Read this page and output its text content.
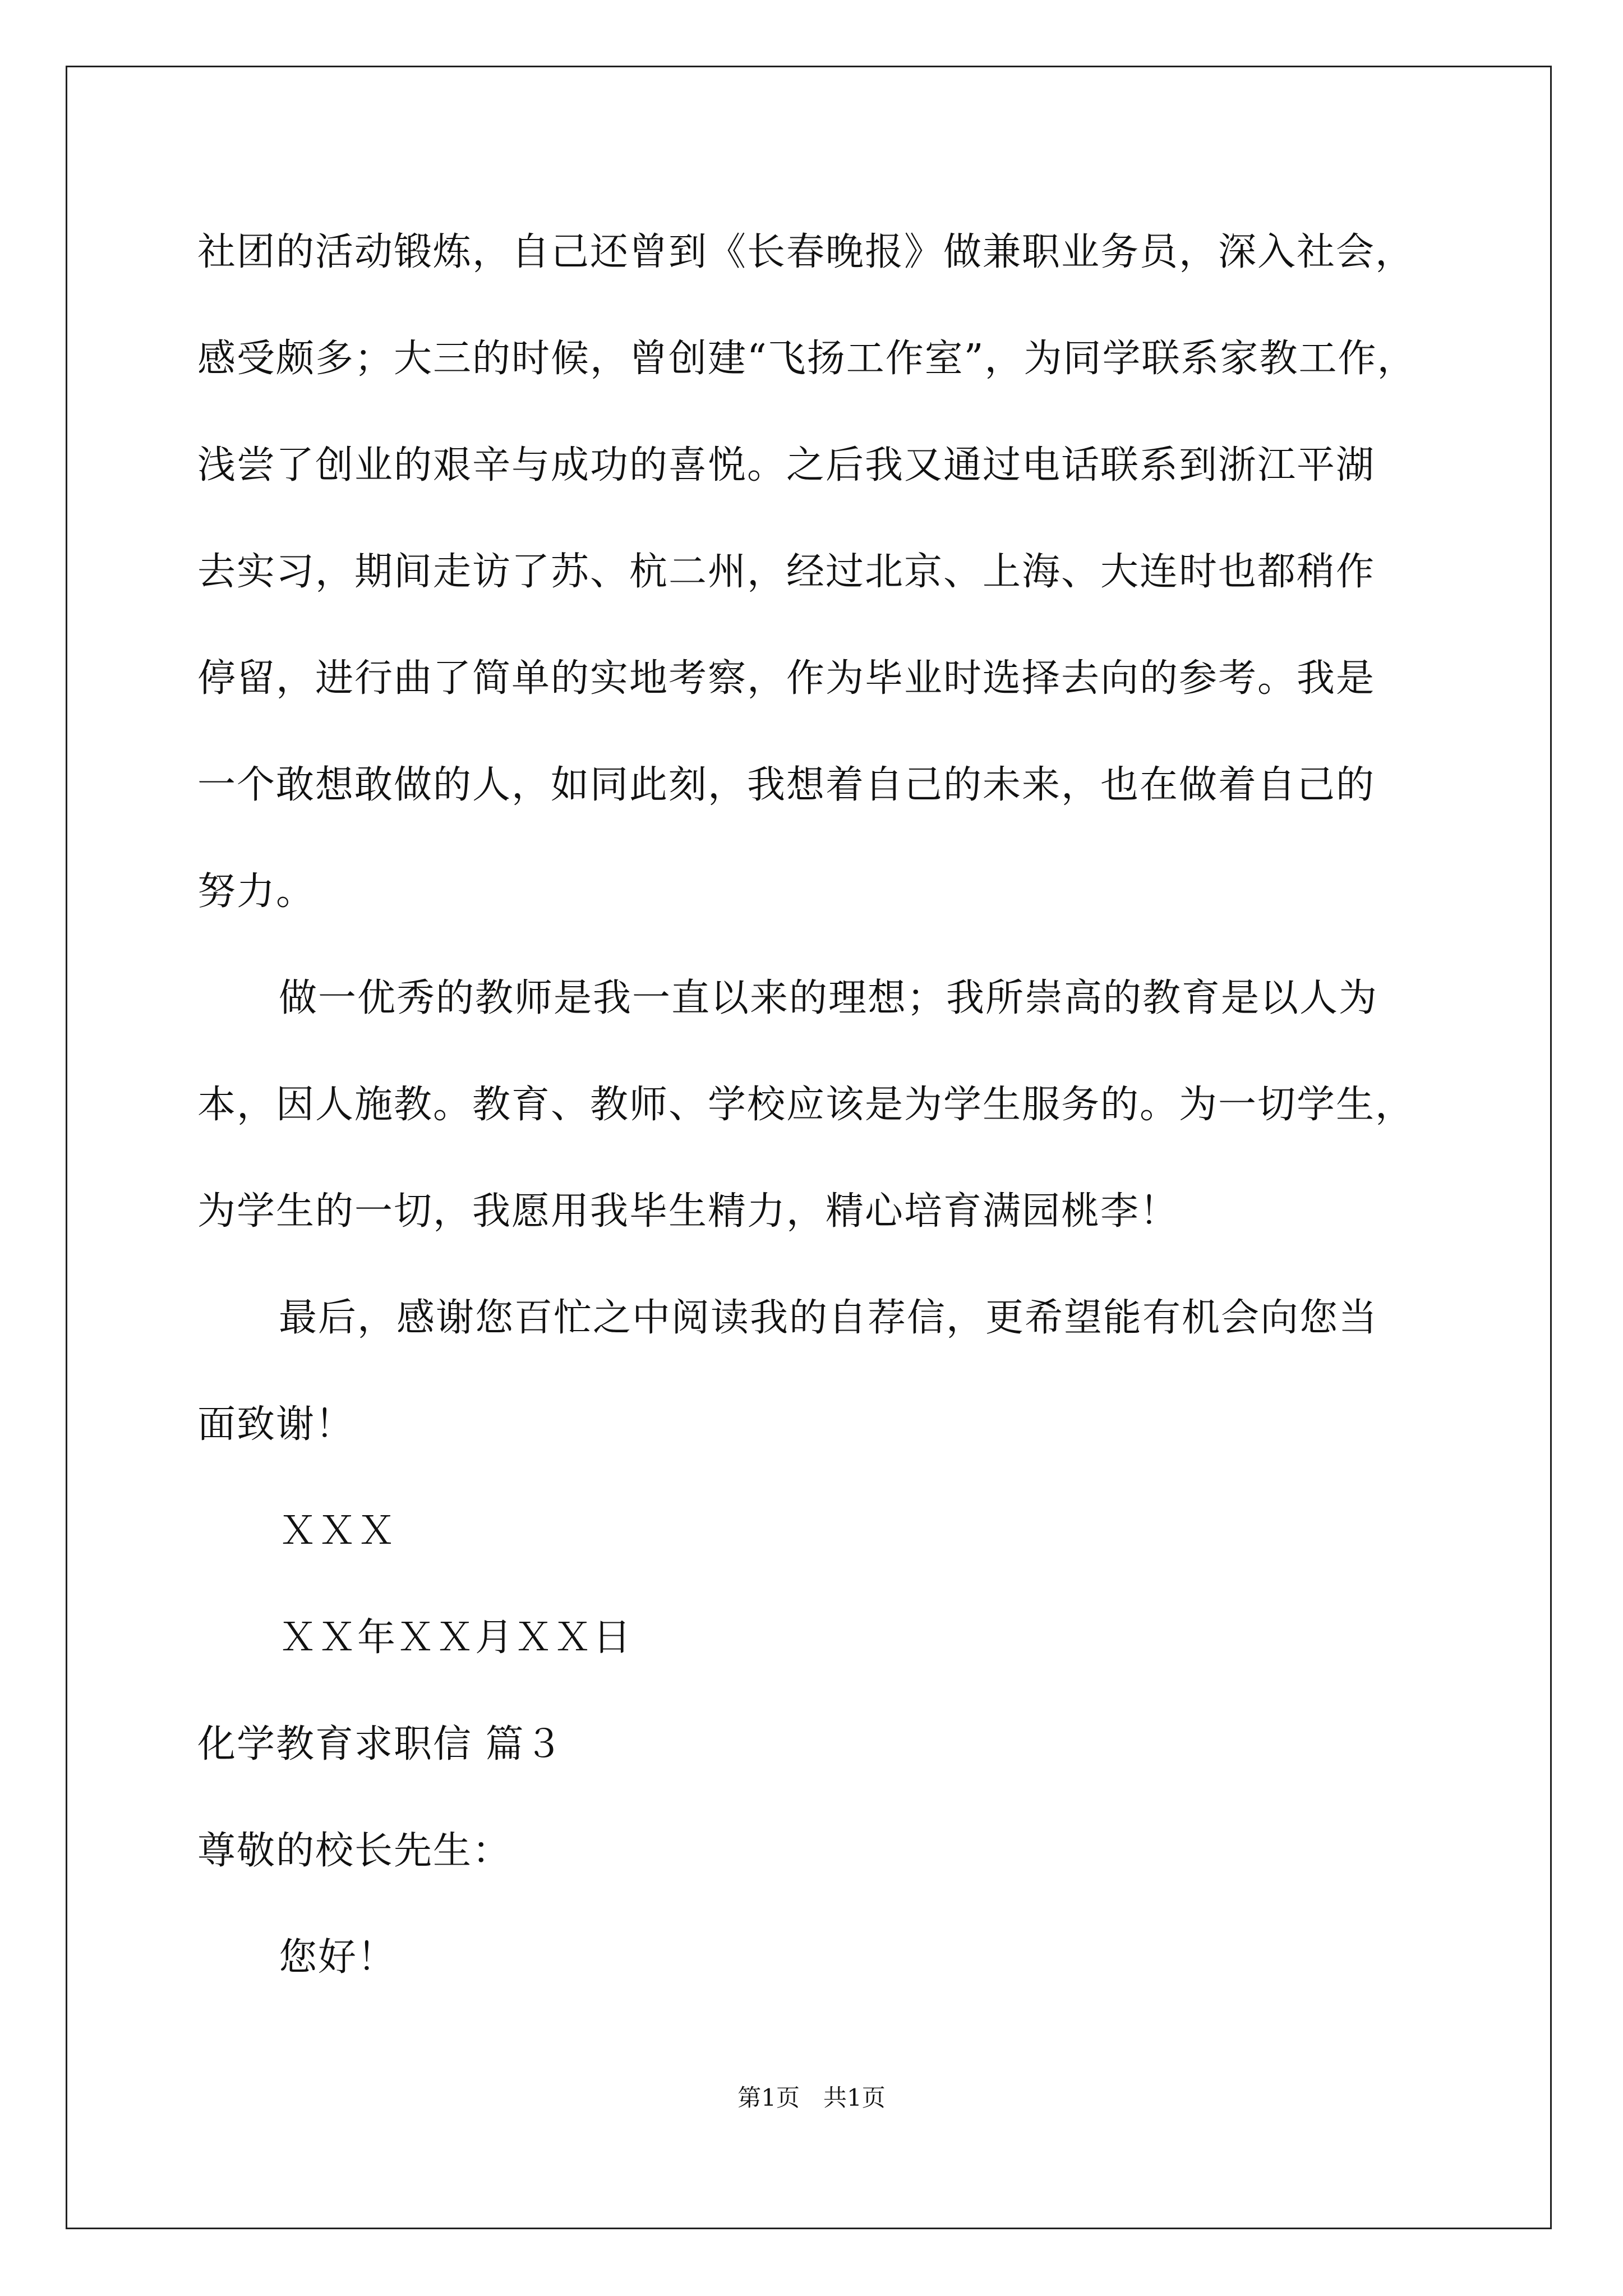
社团的活动锻炼，自己还曾到《长春晚报》做兼职业务员，深入社会，
感受颇多；大三的时候，曾创建“飞扬工作室”，为同学联系家教工作，
浅尝了创业的艰辛与成功的喜悦。之后我又通过电话联系到浙江平湖
去实习，期间走访了苏、杭二州，经过北京、上海、大连时也都稍作
停留，进行曲了简单的实地考察，作为毕业时选择去向的参考。我是
一个敢想敢做的人，如同此刻，我想着自己的未来，也在做着自己的
努力。
做一优秀的教师是我一直以来的理想；我所崇高的教育是以人为
本，因人施教。教育、教师、学校应该是为学生服务的。为一切学生，
为学生的一切，我愿用我毕生精力，精心培育满园桃李！
最后，感谢您百忙之中阅读我的自荐信，更希望能有机会向您当
面致谢！
ＸＸＸ
ＸＸ年ＸＸ月ＸＸ日
化学教育求职信 篇３
尊敬的校长先生：
您好！
第1页　共1页
